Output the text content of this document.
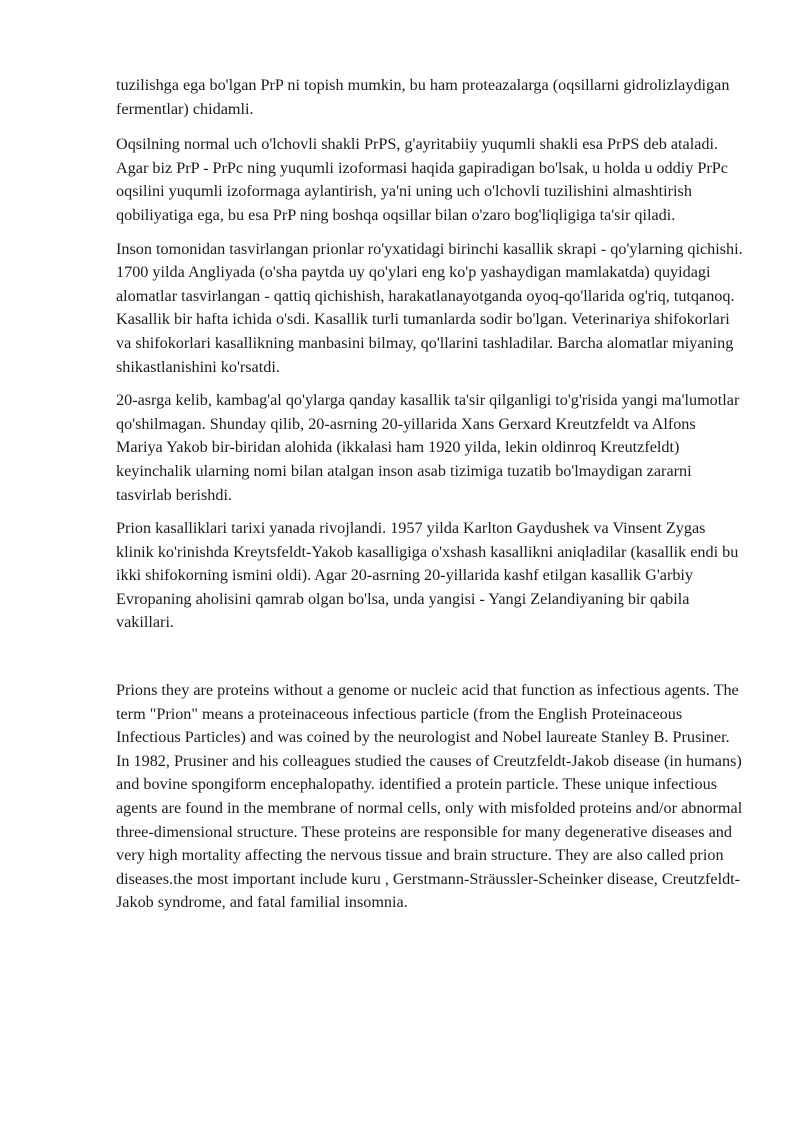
tuzilishga ega bo'lgan PrP ni topish mumkin, bu ham proteazalarga (oqsillarni gidrolizlaydigan fermentlar) chidamli.

Oqsilning normal uch o'lchovli shakli PrPS, g'ayritabiiy yuqumli shakli esa PrPS deb ataladi. Agar biz PrP - PrPc ning yuqumli izoformasi haqida gapiradigan bo'lsak, u holda u oddiy PrPc oqsilini yuqumli izoformaga aylantirish, ya'ni uning uch o'lchovli tuzilishini almashtirish qobiliyatiga ega, bu esa PrP ning boshqa oqsillar bilan o'zaro bog'liqligiga ta'sir qiladi.

Inson tomonidan tasvirlangan prionlar ro'yxatidagi birinchi kasallik skrapi - qo'ylarning qichishi. 1700 yilda Angliyada (o'sha paytda uy qo'ylari eng ko'p yashaydigan mamlakatda) quyidagi alomatlar tasvirlangan - qattiq qichishish, harakatlanayotganda oyoq-qo'llarida og'riq, tutqanoq. Kasallik bir hafta ichida o'sdi. Kasallik turli tumanlarda sodir bo'lgan. Veterinariya shifokorlari va shifokorlari kasallikning manbasini bilmay, qo'llarini tashladilar. Barcha alomatlar miyaning shikastlanishini ko'rsatdi.

20-asrga kelib, kambag'al qo'ylarga qanday kasallik ta'sir qilganligi to'g'risida yangi ma'lumotlar qo'shilmagan. Shunday qilib, 20-asrning 20-yillarida Xans Gerxard Kreutzfeldt va Alfons Mariya Yakob bir-biridan alohida (ikkalasi ham 1920 yilda, lekin oldinroq Kreutzfeldt) keyinchalik ularning nomi bilan atalgan inson asab tizimiga tuzatib bo'lmaydigan zararni tasvirlab berishdi.

Prion kasalliklari tarixi yanada rivojlandi. 1957 yilda Karlton Gaydushek va Vinsent Zygas klinik ko'rinishda Kreytsfeldt-Yakob kasalligiga o'xshash kasallikni aniqladilar (kasallik endi bu ikki shifokorning ismini oldi). Agar 20-asrning 20-yillarida kashf etilgan kasallik G'arbiy Evropaning aholisini qamrab olgan bo'lsa, unda yangisi - Yangi Zelandiyaning bir qabila vakillari.

Prions they are proteins without a genome or nucleic acid that function as infectious agents. The term "Prion" means a proteinaceous infectious particle (from the English Proteinaceous Infectious Particles) and was coined by the neurologist and Nobel laureate Stanley B. Prusiner. In 1982, Prusiner and his colleagues studied the causes of Creutzfeldt-Jakob disease (in humans) and bovine spongiform encephalopathy. identified a protein particle. These unique infectious agents are found in the membrane of normal cells, only with misfolded proteins and/or abnormal three-dimensional structure. These proteins are responsible for many degenerative diseases and very high mortality affecting the nervous tissue and brain structure. They are also called prion diseases.the most important include kuru , Gerstmann-Sträussler-Scheinker disease, Creutzfeldt-Jakob syndrome, and fatal familial insomnia.
